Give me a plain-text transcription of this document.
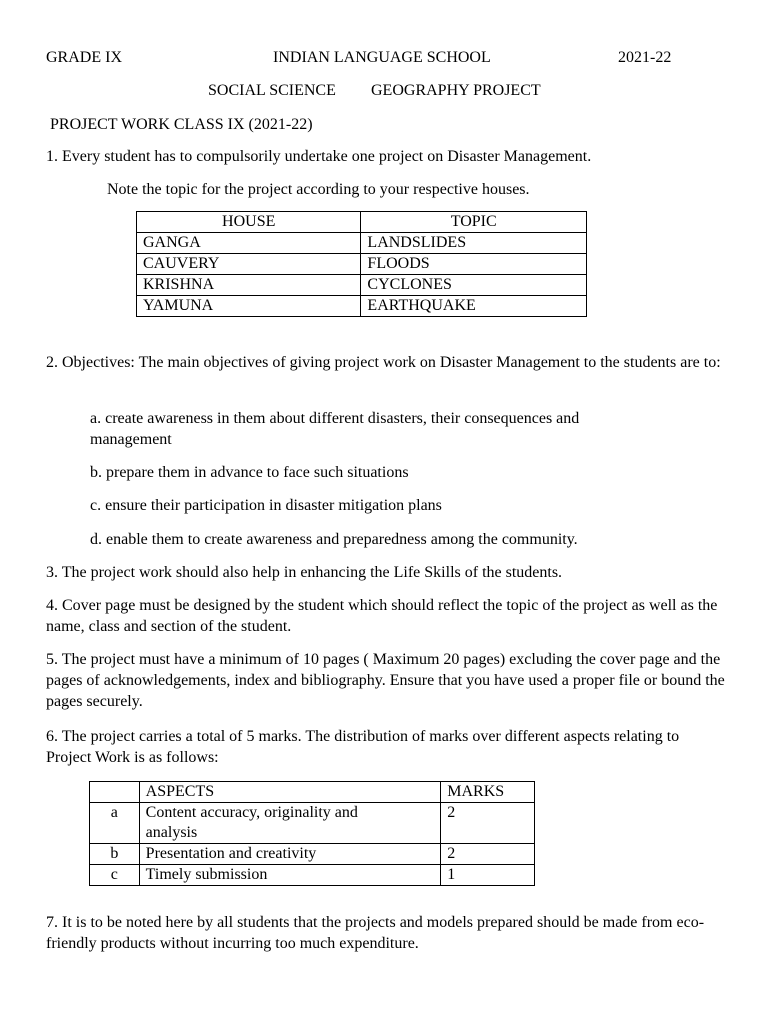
GRADE IX	INDIAN LANGUAGE SCHOOL	2021-22
SOCIAL SCIENCE GEOGRAPHY PROJECT
PROJECT WORK CLASS IX (2021-22)
1. Every student has to compulsorily undertake one project on Disaster Management.
Note the topic for the project according to your respective houses.
HOUSE	TOPIC
GANGA	LANDSLIDES
CAUVERY	FLOODS
KRISHNA	CYCLONES
YAMUNA	EARTHQUAKE
2. Objectives: The main objectives of giving project work on Disaster Management to the students are to:
a. create awareness in them about different disasters, their consequences and management
b. prepare them in advance to face such situations
c. ensure their participation in disaster mitigation plans
d. enable them to create awareness and preparedness among the community.
3. The project work should also help in enhancing the Life Skills of the students.
4. Cover page must be designed by the student which should reflect the topic of the project as well as the name, class and section of the student.
5. The project must have a minimum of 10 pages ( Maximum 20 pages) excluding the cover page and the pages of acknowledgements, index and bibliography. Ensure that you have used a proper file or bound the pages securely.
6. The project carries a total of 5 marks. The distribution of marks over different aspects relating to Project Work is as follows:
	ASPECTS	MARKS
a	Content accuracy, originality and analysis	2
b	Presentation and creativity	2
c	Timely submission	1
7. It is to be noted here by all students that the projects and models prepared should be made from eco-friendly products without incurring too much expenditure.
